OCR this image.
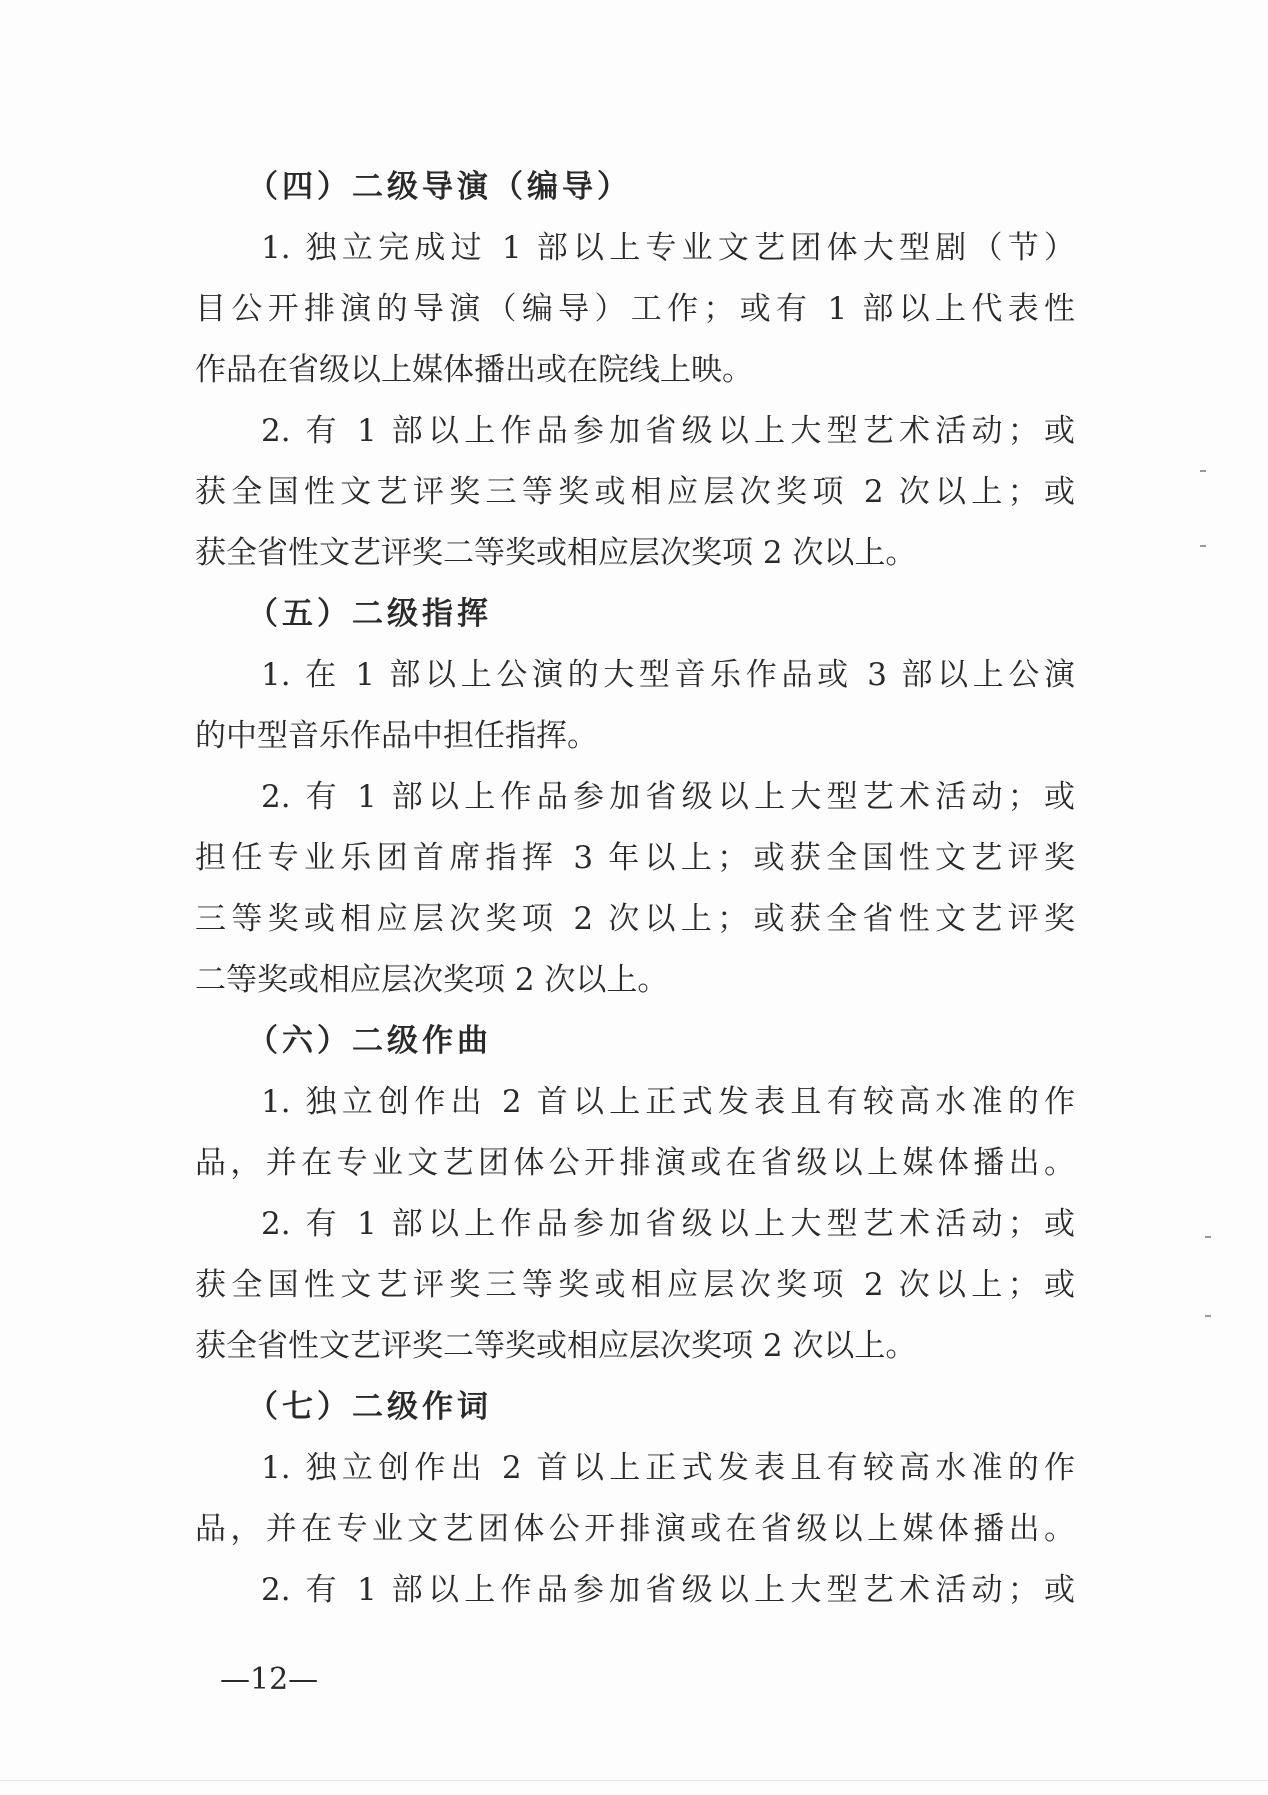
（四）二级导演（编导）
1. 独立完成过 1 部以上专业文艺团体大型剧（节）
目公开排演的导演（编导）工作；或有 1 部以上代表性
作品在省级以上媒体播出或在院线上映。
2. 有 1 部以上作品参加省级以上大型艺术活动；或
获全国性文艺评奖三等奖或相应层次奖项 2 次以上；或
获全省性文艺评奖二等奖或相应层次奖项 2 次以上。
（五）二级指挥
1. 在 1 部以上公演的大型音乐作品或 3 部以上公演
的中型音乐作品中担任指挥。
2. 有 1 部以上作品参加省级以上大型艺术活动；或
担任专业乐团首席指挥 3 年以上；或获全国性文艺评奖
三等奖或相应层次奖项 2 次以上；或获全省性文艺评奖
二等奖或相应层次奖项 2 次以上。
（六）二级作曲
1. 独立创作出 2 首以上正式发表且有较高水准的作
品，并在专业文艺团体公开排演或在省级以上媒体播出。
2. 有 1 部以上作品参加省级以上大型艺术活动；或
获全国性文艺评奖三等奖或相应层次奖项 2 次以上；或
获全省性文艺评奖二等奖或相应层次奖项 2 次以上。
（七）二级作词
1. 独立创作出 2 首以上正式发表且有较高水准的作
品，并在专业文艺团体公开排演或在省级以上媒体播出。
2. 有 1 部以上作品参加省级以上大型艺术活动；或
—12—
